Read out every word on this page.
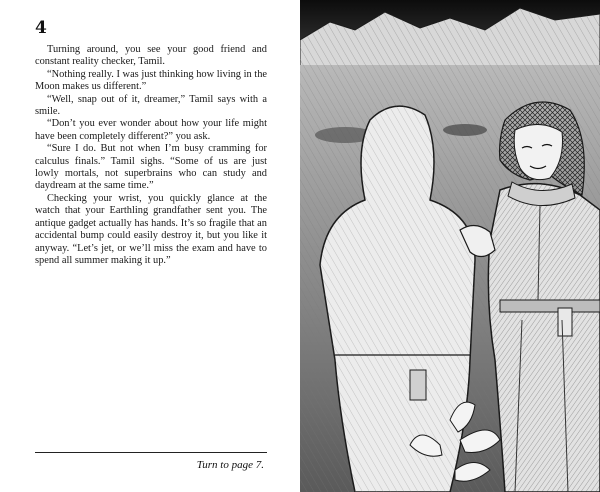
4

Turning around, you see your good friend and constant reality checker, Tamil.

“Nothing really. I was just thinking how living in the Moon makes us different.”

“Well, snap out of it, dreamer,” Tamil says with a smile.

“Don’t you ever wonder about how your life might have been completely different?” you ask.

“Sure I do. But not when I’m busy cramming for calculus finals.” Tamil sighs. “Some of us are just lowly mortals, not superbrains who can study and daydream at the same time.”

Checking your wrist, you quickly glance at the watch that your Earthling grandfather sent you. The antique gadget actually has hands. It’s so fragile that an accidental bump could easily destroy it, but you like it anyway. “Let’s jet, or we’ll miss the exam and have to spend all summer making it up.”

Turn to page 7.
